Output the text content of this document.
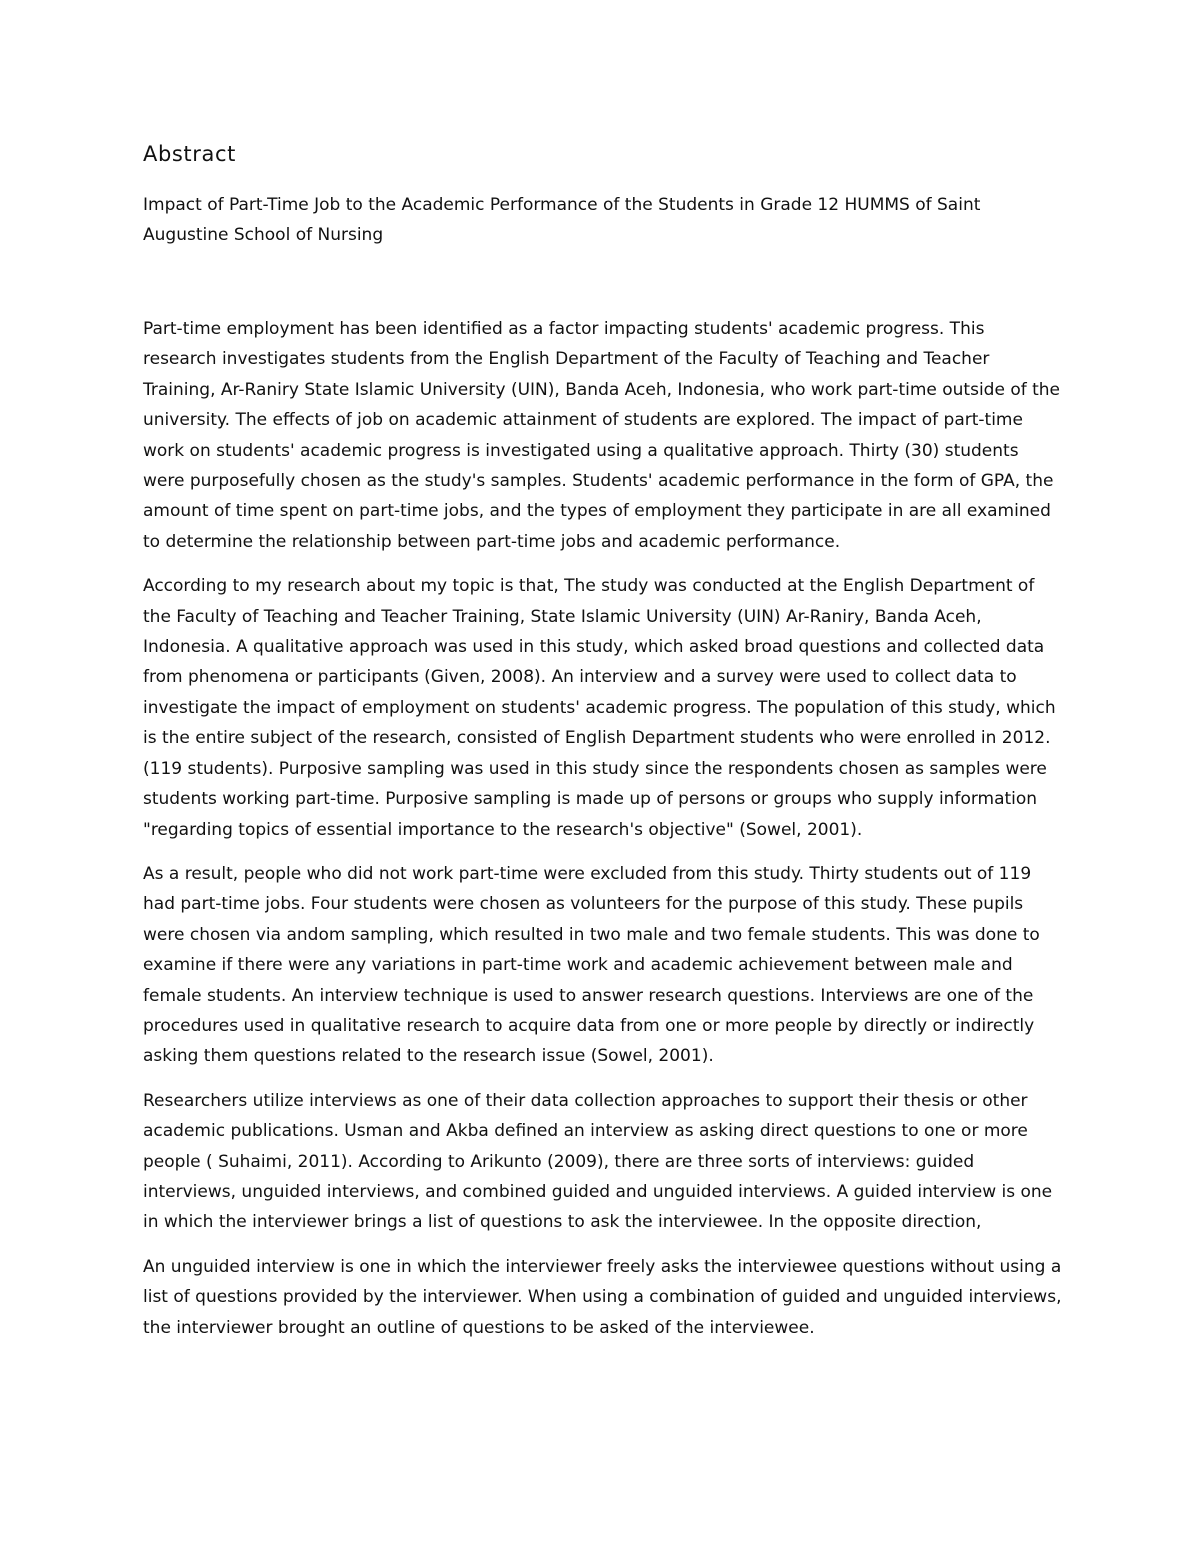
Abstract

Impact of Part-Time Job to the Academic Performance of the Students in Grade 12 HUMMS of Saint Augustine School of Nursing

Part-time employment has been identified as a factor impacting students' academic progress. This research investigates students from the English Department of the Faculty of Teaching and Teacher Training, Ar-Raniry State Islamic University (UIN), Banda Aceh, Indonesia, who work part-time outside of the university. The effects of job on academic attainment of students are explored. The impact of part-time work on students' academic progress is investigated using a qualitative approach. Thirty (30) students were purposefully chosen as the study's samples. Students' academic performance in the form of GPA, the amount of time spent on part-time jobs, and the types of employment they participate in are all examined to determine the relationship between part-time jobs and academic performance.

According to my research about my topic is that, The study was conducted at the English Department of the Faculty of Teaching and Teacher Training, State Islamic University (UIN) Ar-Raniry, Banda Aceh, Indonesia. A qualitative approach was used in this study, which asked broad questions and collected data from phenomena or participants (Given, 2008). An interview and a survey were used to collect data to investigate the impact of employment on students' academic progress. The population of this study, which is the entire subject of the research, consisted of English Department students who were enrolled in 2012. (119 students). Purposive sampling was used in this study since the respondents chosen as samples were students working part-time. Purposive sampling is made up of persons or groups who supply information "regarding topics of essential importance to the research's objective" (Sowel, 2001).

As a result, people who did not work part-time were excluded from this study. Thirty students out of 119 had part-time jobs. Four students were chosen as volunteers for the purpose of this study. These pupils were chosen via andom sampling, which resulted in two male and two female students. This was done to examine if there were any variations in part-time work and academic achievement between male and female students. An interview technique is used to answer research questions. Interviews are one of the procedures used in qualitative research to acquire data from one or more people by directly or indirectly asking them questions related to the research issue (Sowel, 2001).

Researchers utilize interviews as one of their data collection approaches to support their thesis or other academic publications. Usman and Akba defined an interview as asking direct questions to one or more people ( Suhaimi, 2011). According to Arikunto (2009), there are three sorts of interviews: guided interviews, unguided interviews, and combined guided and unguided interviews. A guided interview is one in which the interviewer brings a list of questions to ask the interviewee. In the opposite direction,

An unguided interview is one in which the interviewer freely asks the interviewee questions without using a list of questions provided by the interviewer. When using a combination of guided and unguided interviews, the interviewer brought an outline of questions to be asked of the interviewee.
